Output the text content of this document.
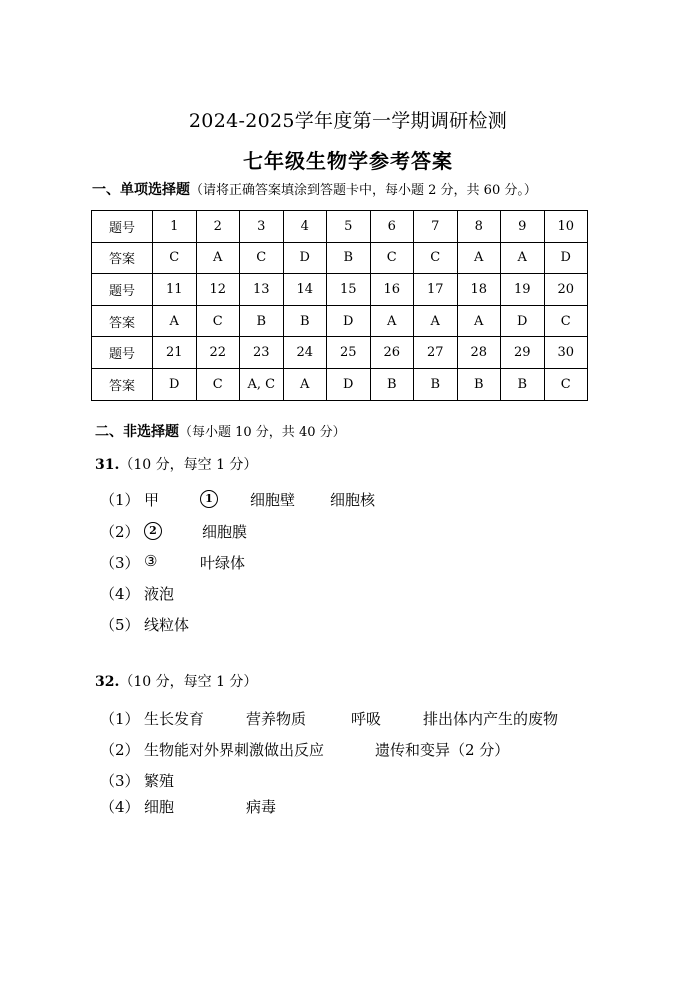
2024-2025学年度第一学期调研检测
七年级生物学参考答案
一、单项选择题（请将正确答案填涂到答题卡中，每小题 2 分，共 60 分。）
题号	1	2	3	4	5	6	7	8	9	10
答案	C	A	C	D	B	C	C	A	A	D
题号	11	12	13	14	15	16	17	18	19	20
答案	A	C	B	B	D	A	A	A	D	C
题号	21	22	23	24	25	26	27	28	29	30
答案	D	C	A, C	A	D	B	B	B	B	C
二、非选择题（每小题 10 分，共 40 分）
31.（10 分，每空 1 分）
（1） 甲	1	细胞壁 细胞核
（2） 2	细胞膜
（3） ③	叶绿体
（4） 液泡
（5） 线粒体
32.（10 分，每空 1 分）
（1） 生长发育	营养物质	呼吸	排出体内产生的废物
（2） 生物能对外界刺激做出反应	遗传和变异（2 分）
（3） 繁殖
（4） 细胞	病毒
